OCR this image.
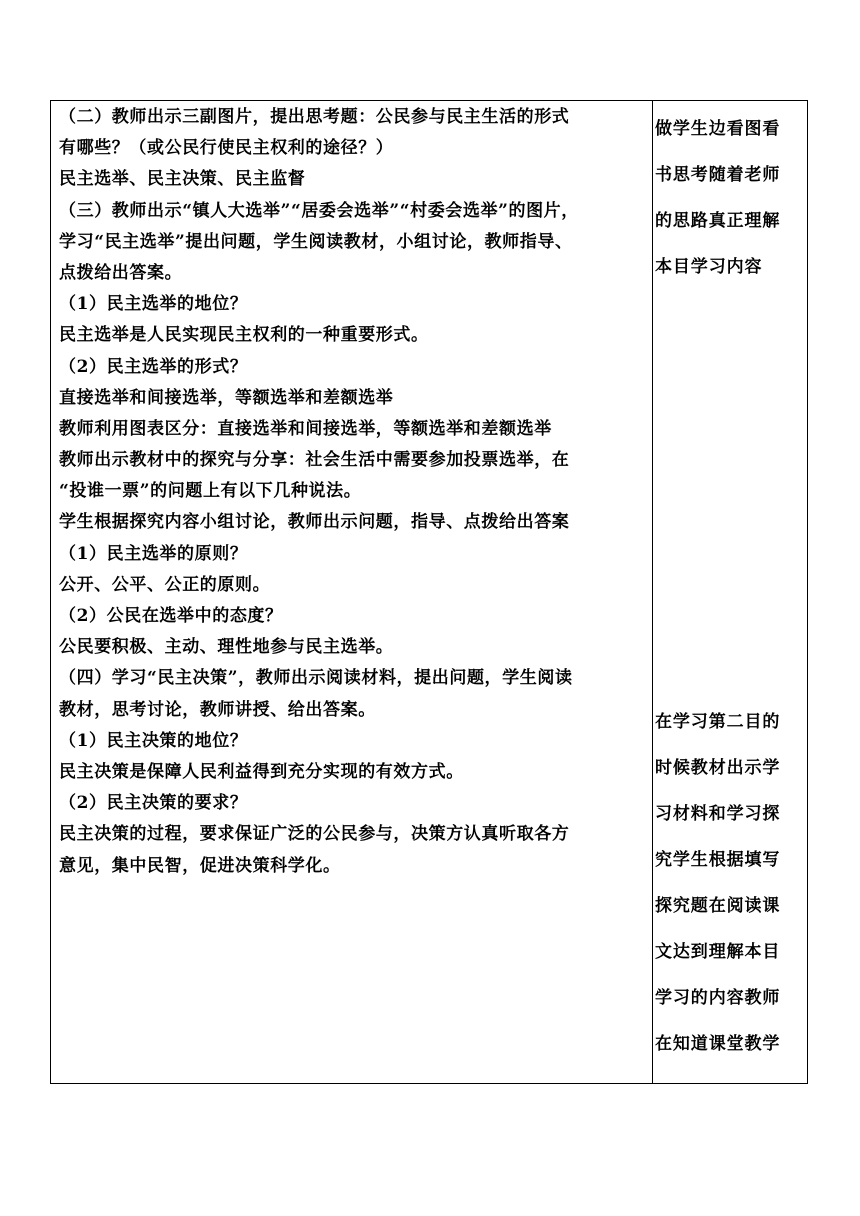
（二）教师出示三副图片，提出思考题：公民参与民主生活的形式
有哪些？（或公民行使民主权利的途径？）
民主选举、民主决策、民主监督
（三）教师出示“镇人大选举”“居委会选举”“村委会选举”的图片，
学习“民主选举”提出问题，学生阅读教材，小组讨论，教师指导、
点拨给出答案。
（1）民主选举的地位？
民主选举是人民实现民主权利的一种重要形式。
（2）民主选举的形式？
直接选举和间接选举，等额选举和差额选举
教师利用图表区分：直接选举和间接选举，等额选举和差额选举
教师出示教材中的探究与分享：社会生活中需要参加投票选举，在
“投谁一票”的问题上有以下几种说法。
学生根据探究内容小组讨论，教师出示问题，指导、点拨给出答案
（1）民主选举的原则？
公开、公平、公正的原则。
（2）公民在选举中的态度？
公民要积极、主动、理性地参与民主选举。
（四）学习“民主决策”，教师出示阅读材料，提出问题，学生阅读
教材，思考讨论，教师讲授、给出答案。
（1）民主决策的地位？
民主决策是保障人民利益得到充分实现的有效方式。
（2）民主决策的要求？
民主决策的过程，要求保证广泛的公民参与，决策方认真听取各方
意见，集中民智，促进决策科学化。
做学生边看图看
书思考随着老师
的思路真正理解
本目学习内容
在学习第二目的
时候教材出示学
习材料和学习探
究学生根据填写
探究题在阅读课
文达到理解本目
学习的内容教师
在知道课堂教学
